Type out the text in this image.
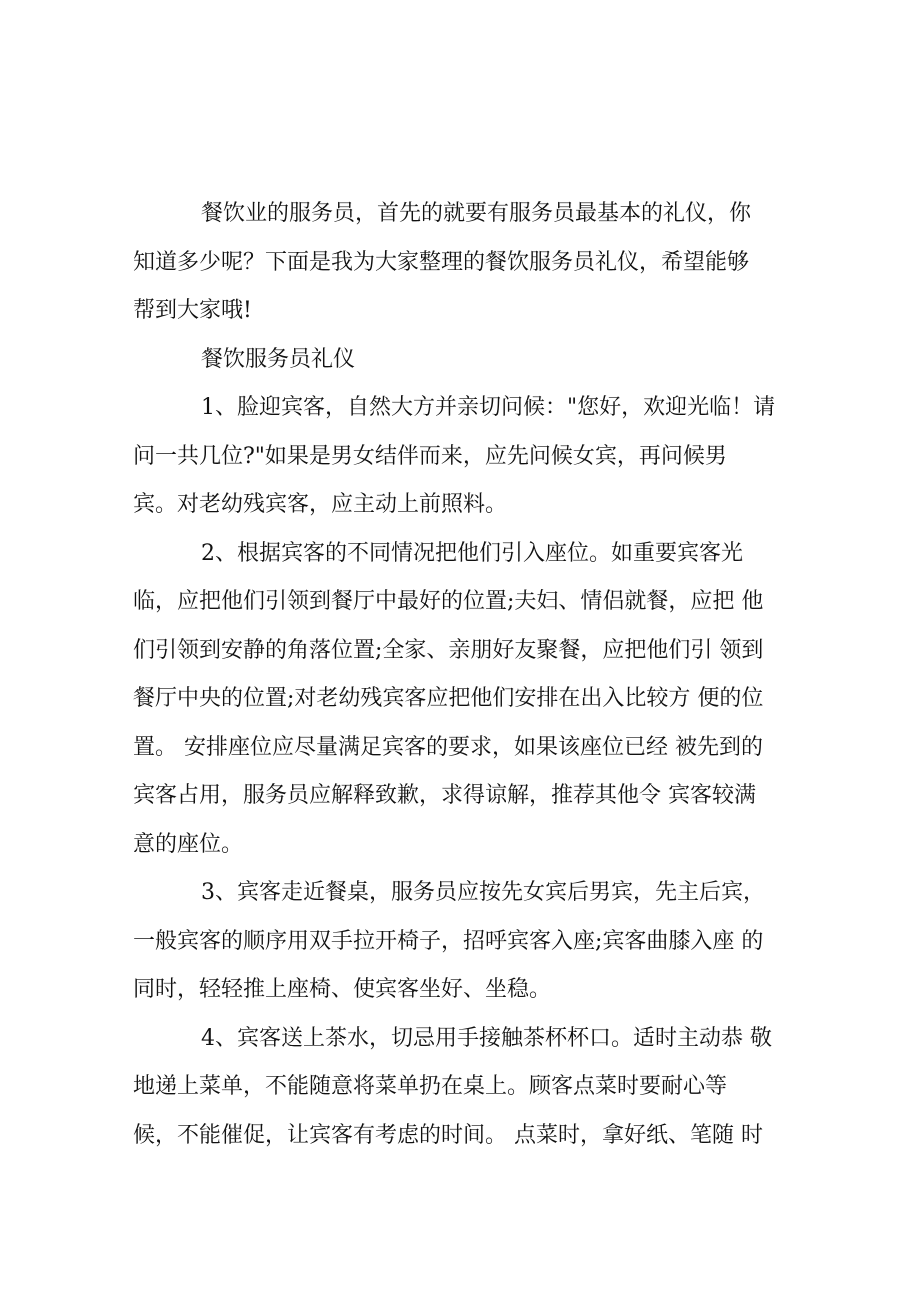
餐饮业的服务员，首先的就要有服务员最基本的礼仪，你
知道多少呢？下面是我为大家整理的餐饮服务员礼仪，希望能够
帮到大家哦!
餐饮服务员礼仪
1、脸迎宾客，自然大方并亲切问候："您好，欢迎光临！请
问一共几位?"如果是男女结伴而来，应先问候女宾，再问候男
宾。对老幼残宾客，应主动上前照料。
2、根据宾客的不同情况把他们引入座位。如重要宾客光
临，应把他们引领到餐厅中最好的位置;夫妇、情侣就餐，应把 他
们引领到安静的角落位置;全家、亲朋好友聚餐，应把他们引 领到
餐厅中央的位置;对老幼残宾客应把他们安排在出入比较方 便的位
置。 安排座位应尽量满足宾客的要求，如果该座位已经 被先到的
宾客占用，服务员应解释致歉，求得谅解，推荐其他令 宾客较满
意的座位。
3、宾客走近餐桌，服务员应按先女宾后男宾，先主后宾，
一般宾客的顺序用双手拉开椅子，招呼宾客入座;宾客曲膝入座 的
同时，轻轻推上座椅、使宾客坐好、坐稳。
4、宾客送上茶水，切忌用手接触茶杯杯口。适时主动恭 敬
地递上菜单，不能随意将菜单扔在桌上。顾客点菜时要耐心等
候，不能催促，让宾客有考虑的时间。 点菜时，拿好纸、笔随 时
